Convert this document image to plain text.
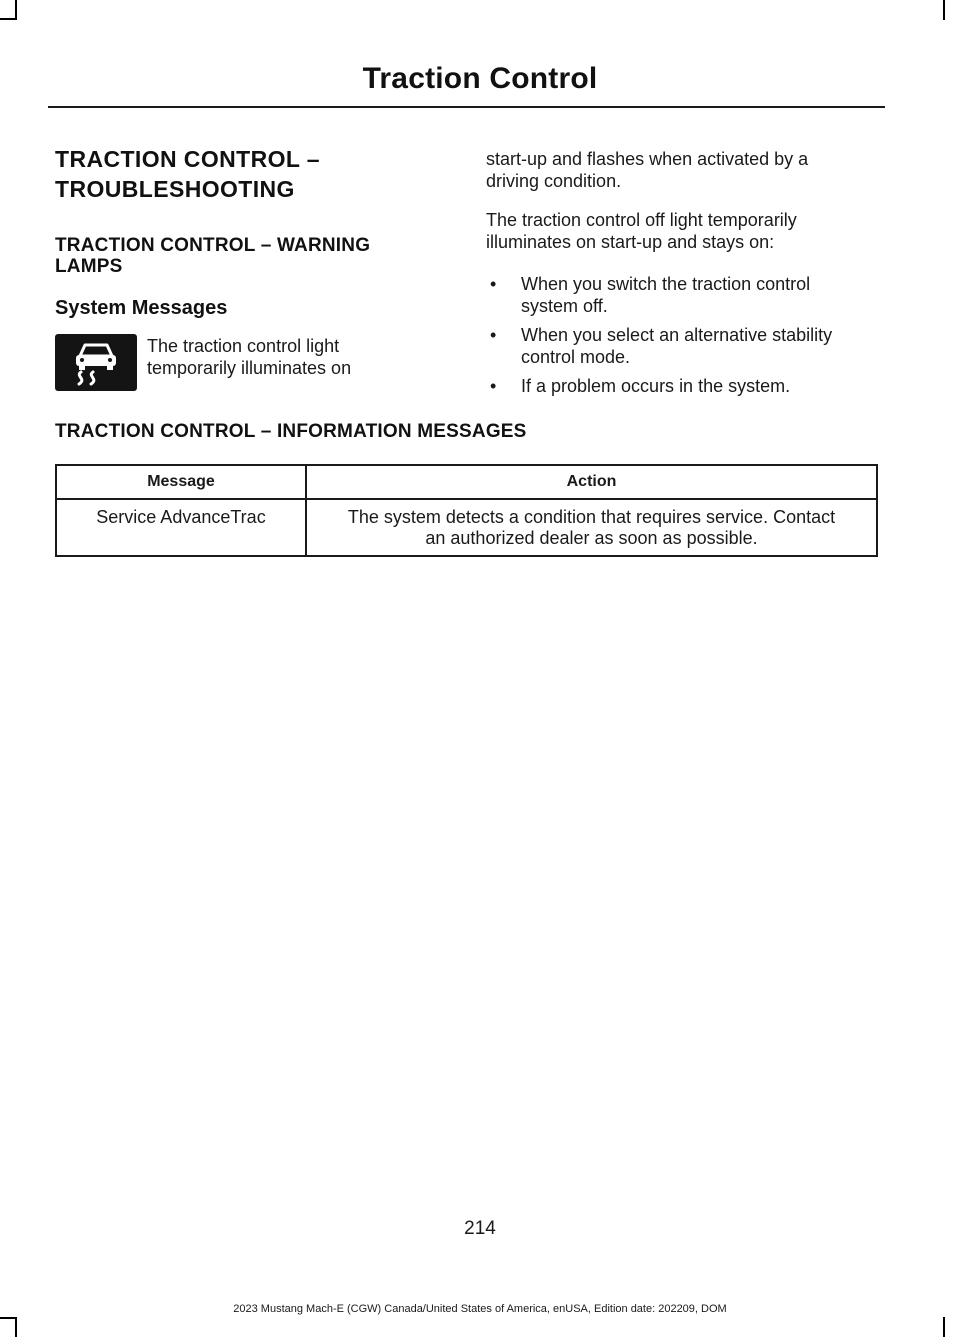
Traction Control
TRACTION CONTROL –
TROUBLESHOOTING
TRACTION CONTROL – WARNING
LAMPS
System Messages
The traction control light
temporarily illuminates on

start-up and flashes when activated by a
driving condition.

The traction control off light temporarily
illuminates on start-up and stays on:

• When you switch the traction control
system off.
• When you select an alternative stability
control mode.
• If a problem occurs in the system.
TRACTION CONTROL – INFORMATION MESSAGES
Message	Action
Service AdvanceTrac	The system detects a condition that requires service. Contact
an authorized dealer as soon as possible.
214
2023 Mustang Mach-E (CGW) Canada/United States of America, enUSA, Edition date: 202209, DOM
